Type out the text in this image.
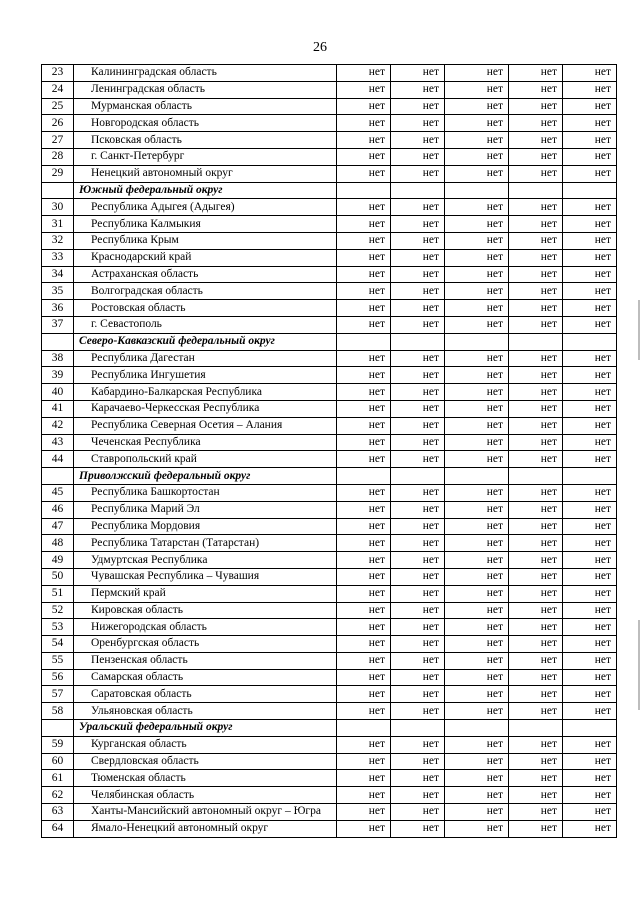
26
23	Калининградская область	нет	нет	нет	нет	нет
24	Ленинградская область	нет	нет	нет	нет	нет
25	Мурманская область	нет	нет	нет	нет	нет
26	Новгородская область	нет	нет	нет	нет	нет
27	Псковская область	нет	нет	нет	нет	нет
28	г. Санкт-Петербург	нет	нет	нет	нет	нет
29	Ненецкий автономный округ	нет	нет	нет	нет	нет
	Южный федеральный округ					
30	Республика Адыгея (Адыгея)	нет	нет	нет	нет	нет
31	Республика Калмыкия	нет	нет	нет	нет	нет
32	Республика Крым	нет	нет	нет	нет	нет
33	Краснодарский край	нет	нет	нет	нет	нет
34	Астраханская область	нет	нет	нет	нет	нет
35	Волгоградская область	нет	нет	нет	нет	нет
36	Ростовская область	нет	нет	нет	нет	нет
37	г. Севастополь	нет	нет	нет	нет	нет
	Северо-Кавказский федеральный округ					
38	Республика Дагестан	нет	нет	нет	нет	нет
39	Республика Ингушетия	нет	нет	нет	нет	нет
40	Кабардино-Балкарская Республика	нет	нет	нет	нет	нет
41	Карачаево-Черкесская Республика	нет	нет	нет	нет	нет
42	Республика Северная Осетия – Алания	нет	нет	нет	нет	нет
43	Чеченская Республика	нет	нет	нет	нет	нет
44	Ставропольский край	нет	нет	нет	нет	нет
	Приволжский федеральный округ					
45	Республика Башкортостан	нет	нет	нет	нет	нет
46	Республика Марий Эл	нет	нет	нет	нет	нет
47	Республика Мордовия	нет	нет	нет	нет	нет
48	Республика Татарстан (Татарстан)	нет	нет	нет	нет	нет
49	Удмуртская Республика	нет	нет	нет	нет	нет
50	Чувашская Республика – Чувашия	нет	нет	нет	нет	нет
51	Пермский край	нет	нет	нет	нет	нет
52	Кировская область	нет	нет	нет	нет	нет
53	Нижегородская область	нет	нет	нет	нет	нет
54	Оренбургская область	нет	нет	нет	нет	нет
55	Пензенская область	нет	нет	нет	нет	нет
56	Самарская область	нет	нет	нет	нет	нет
57	Саратовская область	нет	нет	нет	нет	нет
58	Ульяновская область	нет	нет	нет	нет	нет
	Уральский федеральный округ					
59	Курганская область	нет	нет	нет	нет	нет
60	Свердловская область	нет	нет	нет	нет	нет
61	Тюменская область	нет	нет	нет	нет	нет
62	Челябинская область	нет	нет	нет	нет	нет
63	Ханты-Мансийский автономный округ – Югра	нет	нет	нет	нет	нет
64	Ямало-Ненецкий автономный округ	нет	нет	нет	нет	нет
